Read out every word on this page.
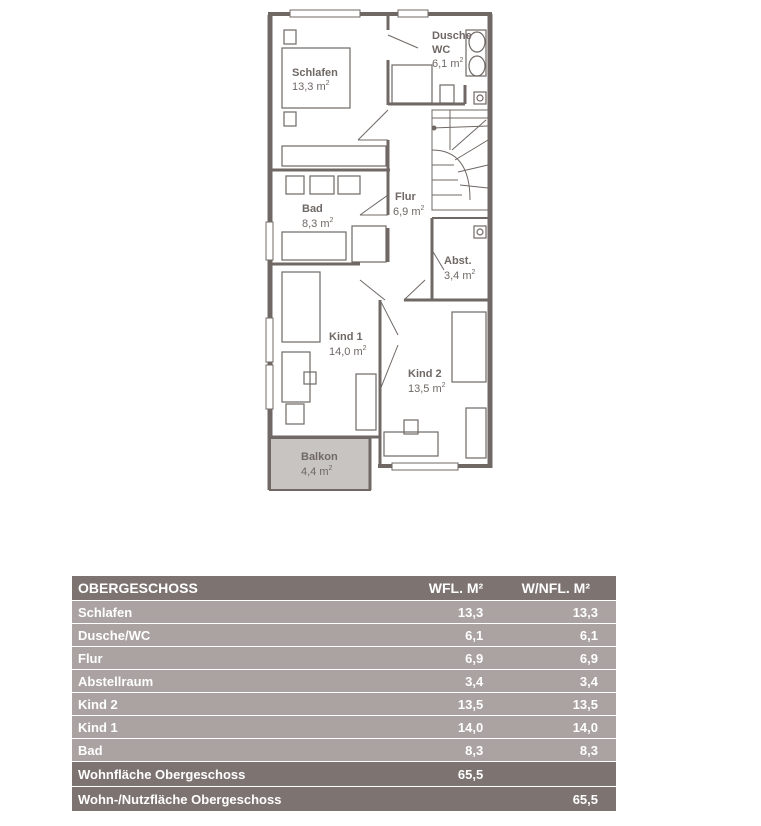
Schlafen
13,3 $m^2$
Dusche
WC
6,1 $m^2$
Flur
6,9 $m^2$
Bad
8,3 $m^2$
Abst.
3,4 $m^2$
Kind 1
14,0 $m^2$
Kind 2
13,5 $m^2$
Balkon
4,4 $m^2$
OBERGESCHOSS	WFL. M²	W/NFL. M²
Schlafen	13,3	13,3
Dusche/WC	6,1	6,1
Flur	6,9	6,9
Abstellraum	3,4	3,4
Kind 2	13,5	13,5
Kind 1	14,0	14,0
Bad	8,3	8,3
Wohnfläche Obergeschoss	65,5	
Wohn-/Nutzfläche Obergeschoss		65,5
